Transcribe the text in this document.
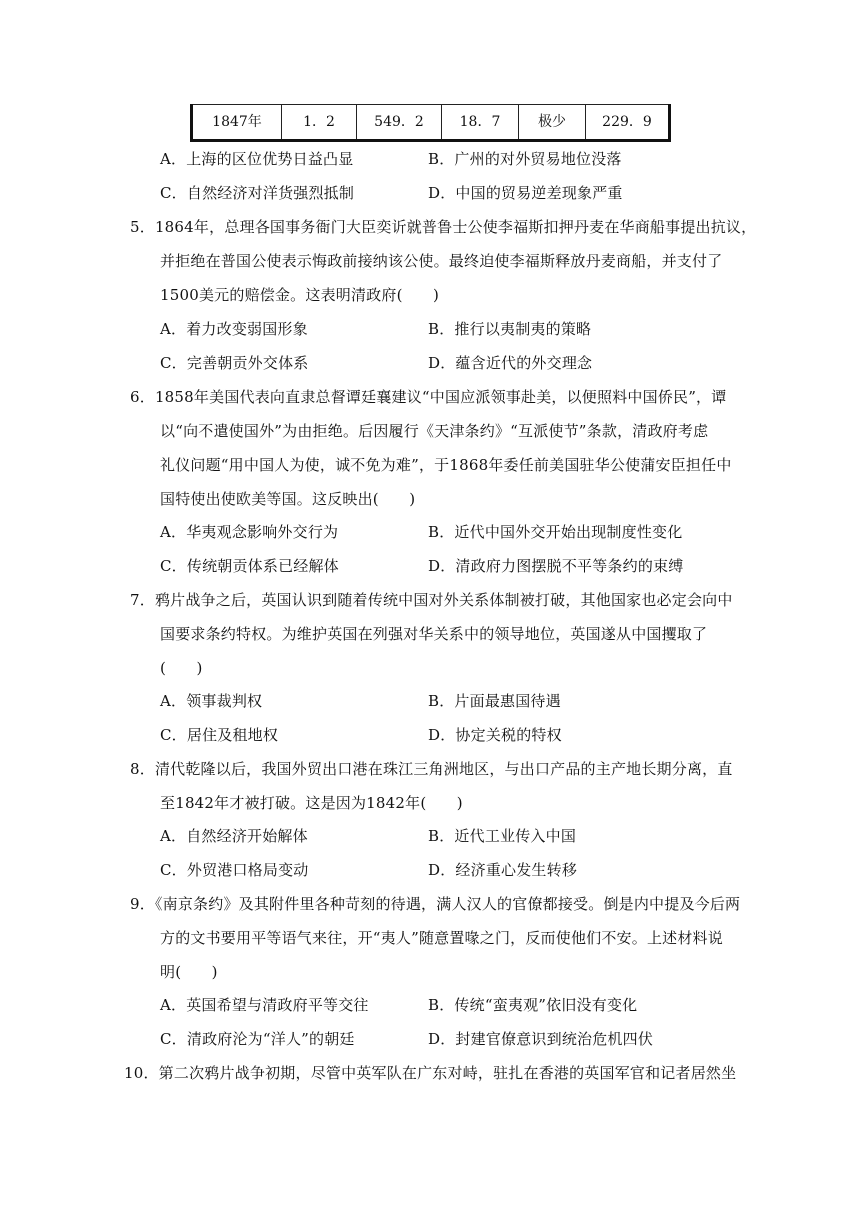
1847年	1．2	549．2	18．7	极少	229．9
A．上海的区位优势日益凸显	B．广州的对外贸易地位没落
C．自然经济对洋货强烈抵制	D．中国的贸易逆差现象严重
5．1864年，总理各国事务衙门大臣奕䜣就普鲁士公使李福斯扣押丹麦在华商船事提出抗议，
并拒绝在普国公使表示悔政前接纳该公使。最终迫使李福斯释放丹麦商船，并支付了
1500美元的赔偿金。这表明清政府(　　)
A．着力改变弱国形象	B．推行以夷制夷的策略
C．完善朝贡外交体系	D．蕴含近代的外交理念
6．1858年美国代表向直隶总督谭廷襄建议“中国应派领事赴美，以便照料中国侨民”，谭
以“向不遣使国外”为由拒绝。后因履行《天津条约》“互派使节”条款，清政府考虑
礼仪问题“用中国人为使，诚不免为难”，于1868年委任前美国驻华公使蒲安臣担任中
国特使出使欧美等国。这反映出(　　)
A．华夷观念影响外交行为	B．近代中国外交开始出现制度性变化
C．传统朝贡体系已经解体	D．清政府力图摆脱不平等条约的束缚
7．鸦片战争之后，英国认识到随着传统中国对外关系体制被打破，其他国家也必定会向中
国要求条约特权。为维护英国在列强对华关系中的领导地位，英国遂从中国攫取了
(　　)
A．领事裁判权	B．片面最惠国待遇
C．居住及租地权	D．协定关税的特权
8．清代乾隆以后，我国外贸出口港在珠江三角洲地区，与出口产品的主产地长期分离，直
至1842年才被打破。这是因为1842年(　　)
A．自然经济开始解体	B．近代工业传入中国
C．外贸港口格局变动	D．经济重心发生转移
9．《南京条约》及其附件里各种苛刻的待遇，满人汉人的官僚都接受。倒是内中提及今后两
方的文书要用平等语气来往，开“夷人”随意置喙之门，反而使他们不安。上述材料说
明(　　)
A．英国希望与清政府平等交往	B．传统“蛮夷观”依旧没有变化
C．清政府沦为“洋人”的朝廷	D．封建官僚意识到统治危机四伏
10．第二次鸦片战争初期，尽管中英军队在广东对峙，驻扎在香港的英国军官和记者居然坐
